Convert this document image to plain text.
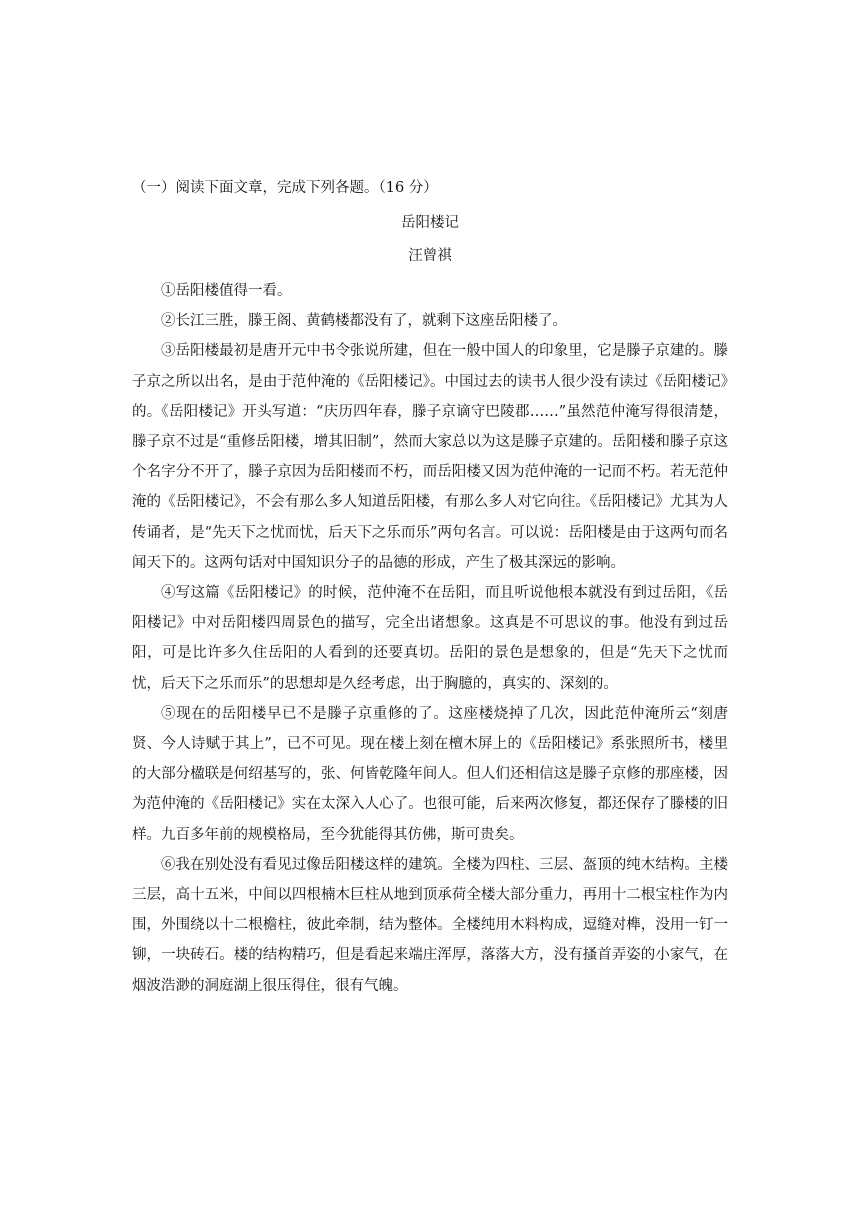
（一）阅读下面文章，完成下列各题。（16 分）
岳阳楼记
汪曾祺

①岳阳楼值得一看。

②长江三胜，滕王阁、黄鹤楼都没有了，就剩下这座岳阳楼了。

③岳阳楼最初是唐开元中书令张说所建，但在一般中国人的印象里，它是滕子京建的。滕子京之所以出名，是由于范仲淹的《岳阳楼记》。中国过去的读书人很少没有读过《岳阳楼记》的。《岳阳楼记》开头写道：“庆历四年春，滕子京谪守巴陵郡……”虽然范仲淹写得很清楚，滕子京不过是“重修岳阳楼，增其旧制”，然而大家总以为这是滕子京建的。岳阳楼和滕子京这个名字分不开了，滕子京因为岳阳楼而不朽，而岳阳楼又因为范仲淹的一记而不朽。若无范仲淹的《岳阳楼记》，不会有那么多人知道岳阳楼，有那么多人对它向往。《岳阳楼记》尤其为人传诵者，是“先天下之忧而忧，后天下之乐而乐”两句名言。可以说：岳阳楼是由于这两句而名闻天下的。这两句话对中国知识分子的品德的形成，产生了极其深远的影响。

④写这篇《岳阳楼记》的时候，范仲淹不在岳阳，而且听说他根本就没有到过岳阳，《岳阳楼记》中对岳阳楼四周景色的描写，完全出诸想象。这真是不可思议的事。他没有到过岳阳，可是比许多久住岳阳的人看到的还要真切。岳阳的景色是想象的，但是“先天下之忧而忧，后天下之乐而乐”的思想却是久经考虑，出于胸臆的，真实的、深刻的。

⑤现在的岳阳楼早已不是滕子京重修的了。这座楼烧掉了几次，因此范仲淹所云“刻唐贤、今人诗赋于其上”，已不可见。现在楼上刻在檀木屏上的《岳阳楼记》系张照所书，楼里的大部分楹联是何绍基写的，张、何皆乾隆年间人。但人们还相信这是滕子京修的那座楼，因为范仲淹的《岳阳楼记》实在太深入人心了。也很可能，后来两次修复，都还保存了滕楼的旧样。九百多年前的规模格局，至今犹能得其仿佛，斯可贵矣。

⑥我在别处没有看见过像岳阳楼这样的建筑。全楼为四柱、三层、盔顶的纯木结构。主楼三层，高十五米，中间以四根楠木巨柱从地到顶承荷全楼大部分重力，再用十二根宝柱作为内围，外围绕以十二根檐柱，彼此牵制，结为整体。全楼纯用木料构成，逗缝对榫，没用一钉一铆，一块砖石。楼的结构精巧，但是看起来端庄浑厚，落落大方，没有搔首弄姿的小家气，在烟波浩渺的洞庭湖上很压得住，很有气魄。
